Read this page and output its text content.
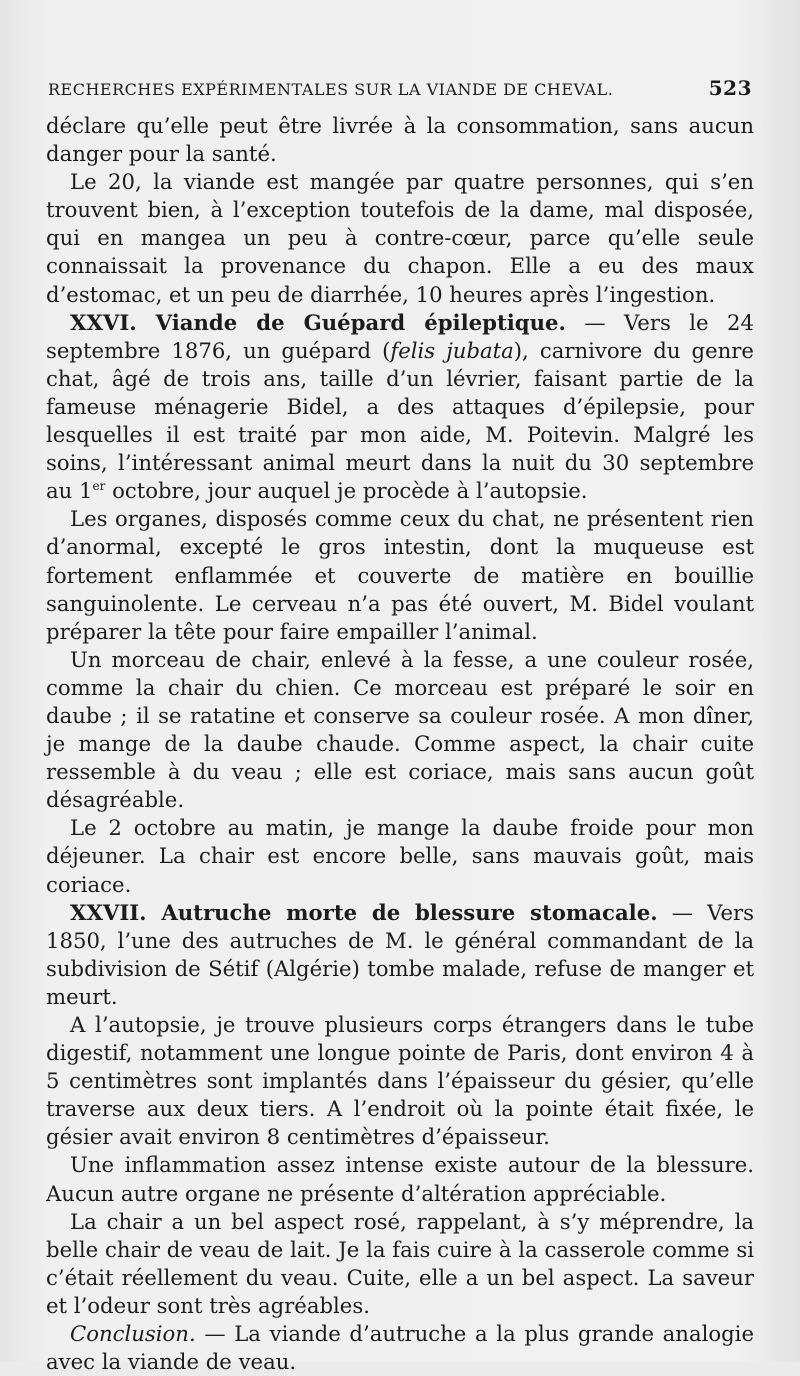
RECHERCHES EXPÉRIMENTALES SUR LA VIANDE DE CHEVAL.	523

déclare qu’elle peut être livrée à la consommation, sans aucun danger pour la santé.

Le 20, la viande est mangée par quatre personnes, qui s’en trouvent bien, à l’exception toutefois de la dame, mal disposée, qui en mangea un peu à contre-cœur, parce qu’elle seule connaissait la provenance du chapon. Elle a eu des maux d’estomac, et un peu de diarrhée, 10 heures après l’ingestion.

XXVI. Viande de Guépard épileptique. — Vers le 24 septembre 1876, un guépard (felis jubata), carnivore du genre chat, âgé de trois ans, taille d’un lévrier, faisant partie de la fameuse ménagerie Bidel, a des attaques d’épilepsie, pour lesquelles il est traité par mon aide, M. Poitevin. Malgré les soins, l’intéressant animal meurt dans la nuit du 30 septembre au 1er octobre, jour auquel je procède à l’autopsie.

Les organes, disposés comme ceux du chat, ne présentent rien d’anormal, excepté le gros intestin, dont la muqueuse est fortement enflammée et couverte de matière en bouillie sanguinolente. Le cerveau n’a pas été ouvert, M. Bidel voulant préparer la tête pour faire empailler l’animal.

Un morceau de chair, enlevé à la fesse, a une couleur rosée, comme la chair du chien. Ce morceau est préparé le soir en daube ; il se ratatine et conserve sa couleur rosée. A mon dîner, je mange de la daube chaude. Comme aspect, la chair cuite ressemble à du veau ; elle est coriace, mais sans aucun goût désagréable.

Le 2 octobre au matin, je mange la daube froide pour mon déjeuner. La chair est encore belle, sans mauvais goût, mais coriace.

XXVII. Autruche morte de blessure stomacale. — Vers 1850, l’une des autruches de M. le général commandant de la subdivision de Sétif (Algérie) tombe malade, refuse de manger et meurt.

A l’autopsie, je trouve plusieurs corps étrangers dans le tube digestif, notamment une longue pointe de Paris, dont environ 4 à 5 centimètres sont implantés dans l’épaisseur du gésier, qu’elle traverse aux deux tiers. A l’endroit où la pointe était fixée, le gésier avait environ 8 centimètres d’épaisseur.

Une inflammation assez intense existe autour de la blessure. Aucun autre organe ne présente d’altération appréciable.

La chair a un bel aspect rosé, rappelant, à s’y méprendre, la belle chair de veau de lait. Je la fais cuire à la casserole comme si c’était réellement du veau. Cuite, elle a un bel aspect. La saveur et l’odeur sont très agréables.

Conclusion. — La viande d’autruche a la plus grande analogie avec la viande de veau.
